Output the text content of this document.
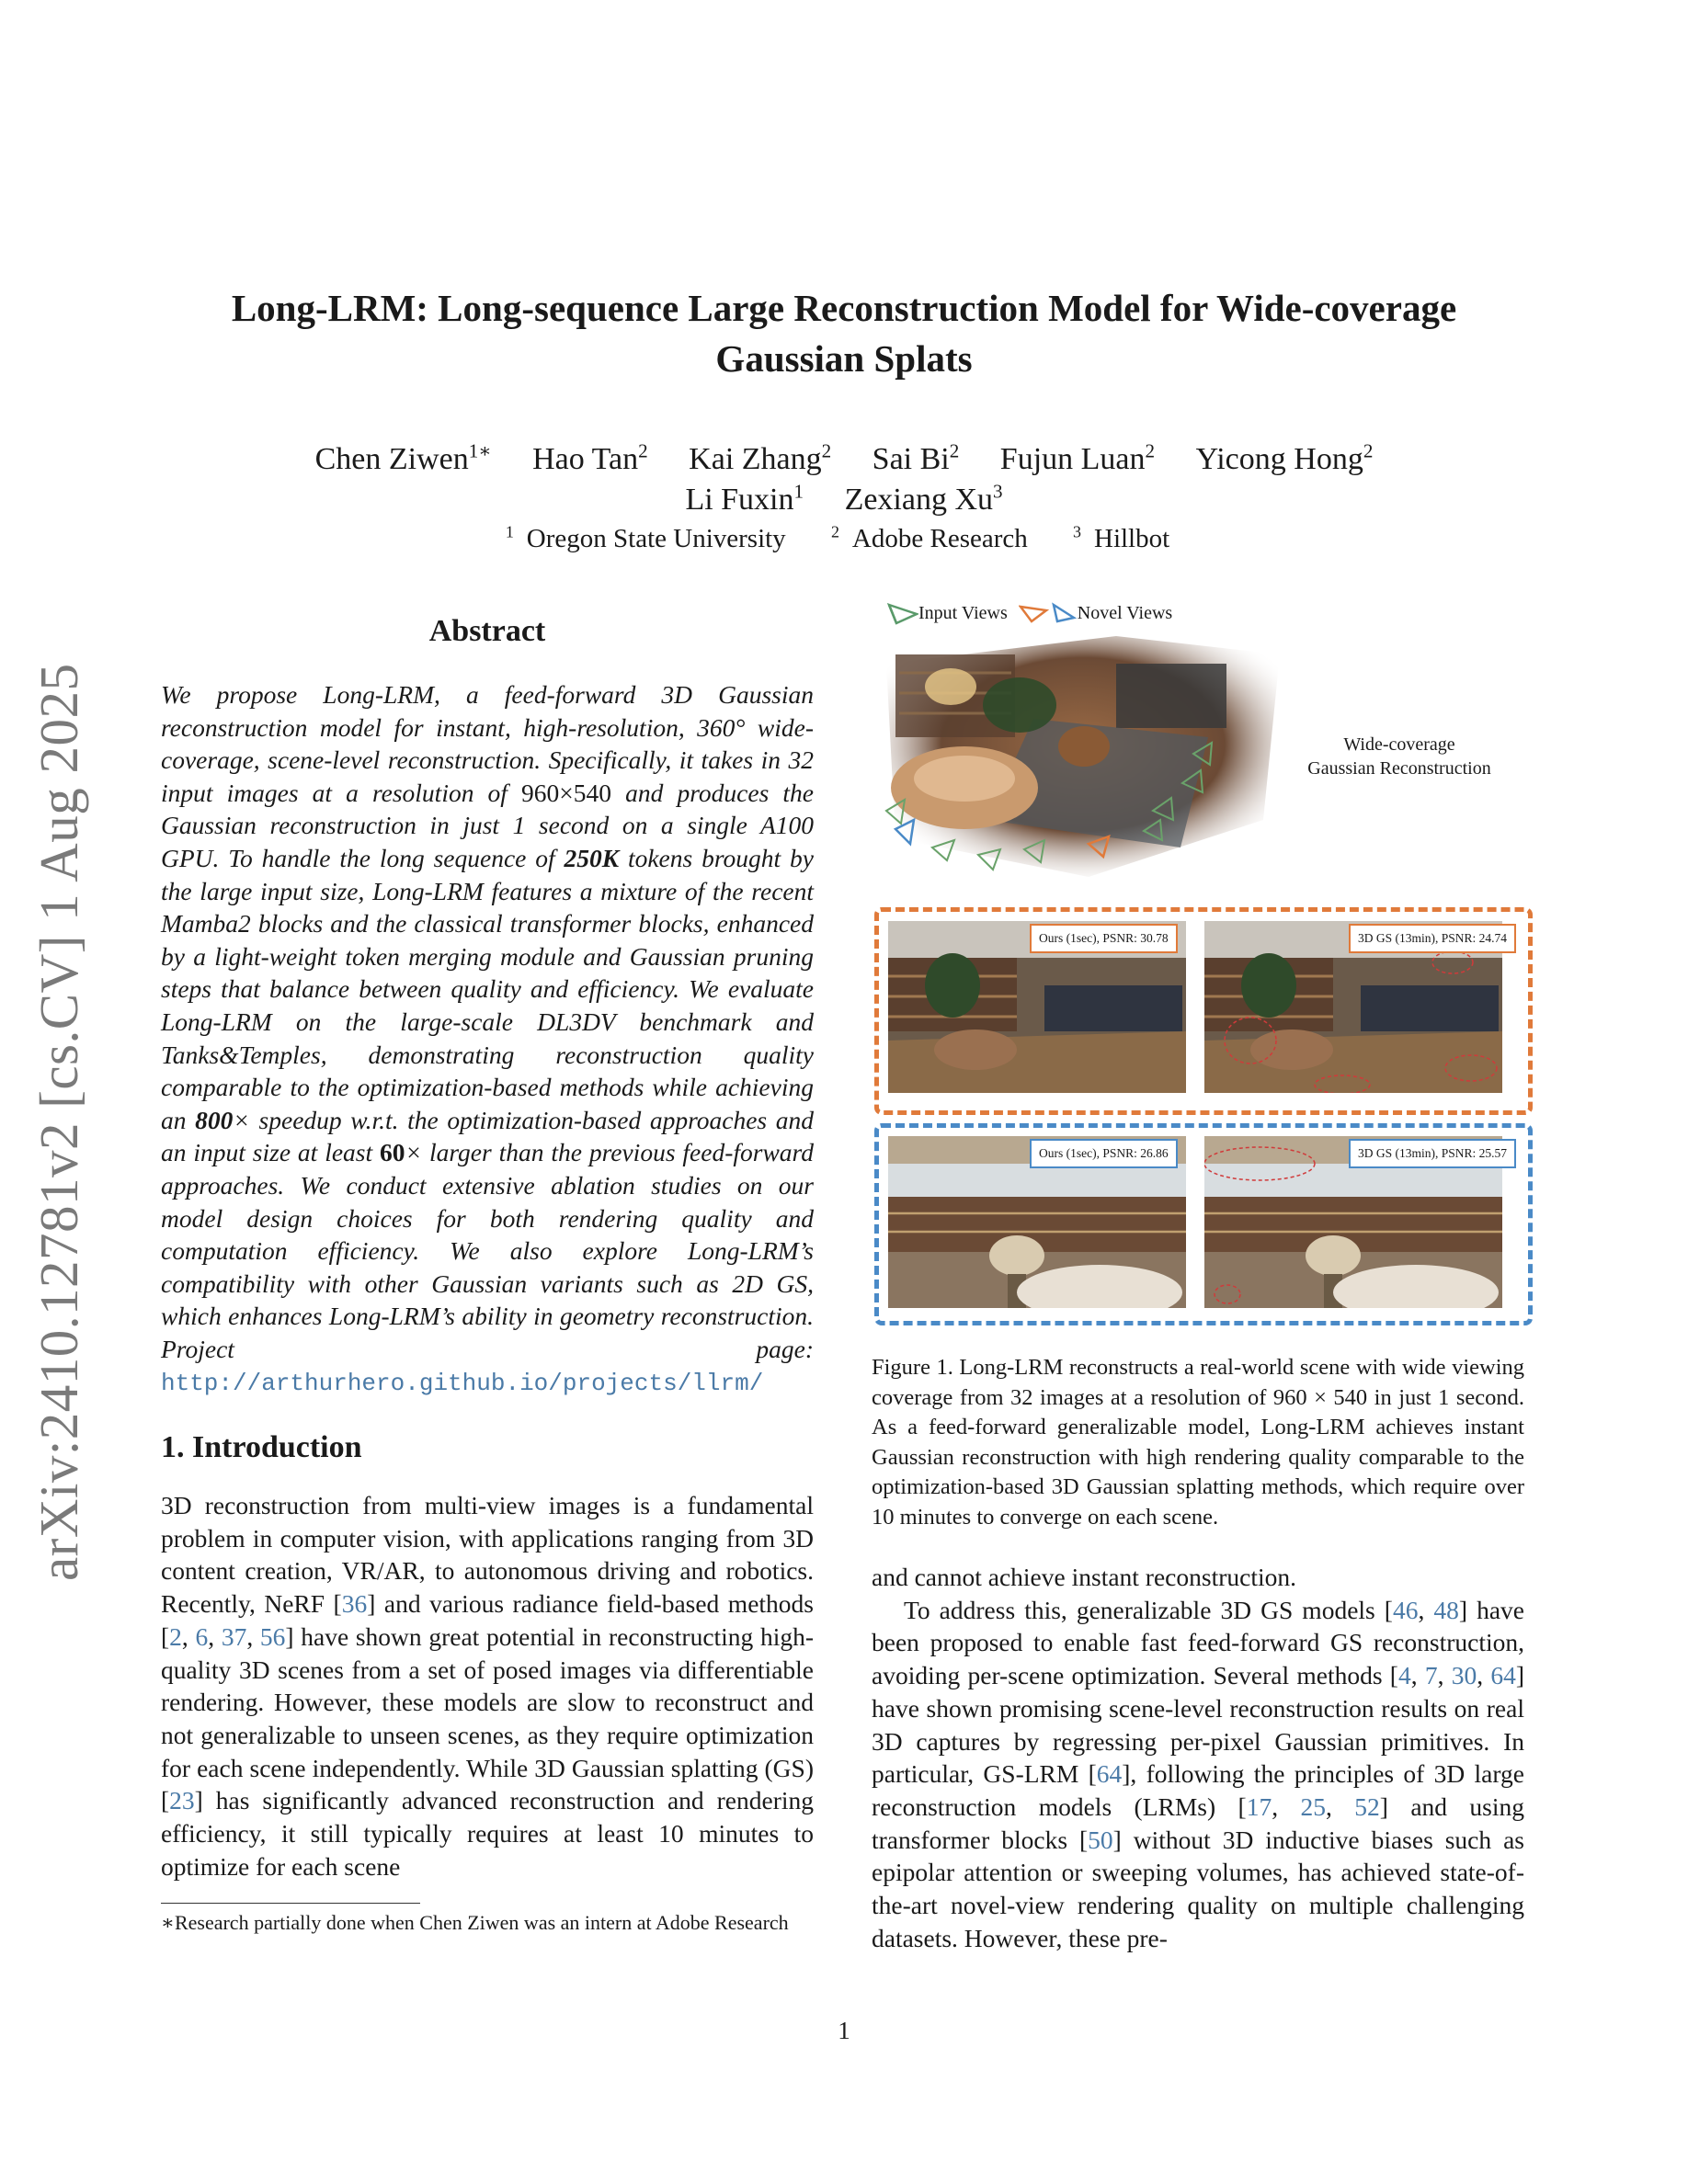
arXiv:2410.12781v2 [cs.CV] 1 Aug 2025
Long-LRM: Long-sequence Large Reconstruction Model for Wide-coverage
Gaussian Splats
Chen Ziwen$^{1∗}$ Hao Tan$^2$ Kai Zhang$^2$ Sai Bi$^2$ Fujun Luan$^2$ Yicong Hong$^2$
Li Fuxin$^1$ Zexiang Xu$^3$
$^1$ Oregon State University	$^2$ Adobe Research	$^3$ Hillbot
Abstract
We propose Long-LRM, a feed-forward 3D Gaussian reconstruction model for instant, high-resolution, 360° wide-coverage, scene-level reconstruction. Specifically, it takes in 32 input images at a resolution of 960×540 and produces the Gaussian reconstruction in just 1 second on a single A100 GPU. To handle the long sequence of 250K tokens brought by the large input size, Long-LRM features a mixture of the recent Mamba2 blocks and the classical transformer blocks, enhanced by a light-weight token merging module and Gaussian pruning steps that balance between quality and efficiency. We evaluate Long-LRM on the large-scale DL3DV benchmark and Tanks&Temples, demonstrating reconstruction quality comparable to the optimization-based methods while achieving an 800× speedup w.r.t. the optimization-based approaches and an input size at least 60× larger than the previous feed-forward approaches. We conduct extensive ablation studies on our model design choices for both rendering quality and computation efficiency. We also explore Long-LRM’s compatibility with other Gaussian variants such as 2D GS, which enhances Long-LRM’s ability in geometry reconstruction. Project page: http://arthurhero.github.io/projects/llrm/
1. Introduction
3D reconstruction from multi-view images is a fundamental problem in computer vision, with applications ranging from 3D content creation, VR/AR, to autonomous driving and robotics. Recently, NeRF [36] and various radiance field-based methods [2, 6, 37, 56] have shown great potential in reconstructing high-quality 3D scenes from a set of posed images via differentiable rendering. However, these models are slow to reconstruct and not generalizable to unseen scenes, as they require optimization for each scene independently. While 3D Gaussian splatting (GS) [23] has significantly advanced reconstruction and rendering efficiency, it still typically requires at least 10 minutes to optimize for each scene
∗Research partially done when Chen Ziwen was an intern at Adobe Research
Input Views	Novel Views
Wide-coverage
Gaussian Reconstruction
Ours (1sec), PSNR: 30.78	3D GS (13min), PSNR: 24.74
Ours (1sec), PSNR: 26.86	3D GS (13min), PSNR: 25.57
Figure 1. Long-LRM reconstructs a real-world scene with wide viewing coverage from 32 images at a resolution of 960 × 540 in just 1 second. As a feed-forward generalizable model, Long-LRM achieves instant Gaussian reconstruction with high rendering quality comparable to the optimization-based 3D Gaussian splatting methods, which require over 10 minutes to converge on each scene.
and cannot achieve instant reconstruction.
To address this, generalizable 3D GS models [46, 48] have been proposed to enable fast feed-forward GS reconstruction, avoiding per-scene optimization. Several methods [4, 7, 30, 64] have shown promising scene-level reconstruction results on real 3D captures by regressing per-pixel Gaussian primitives. In particular, GS-LRM [64], following the principles of 3D large reconstruction models (LRMs) [17, 25, 52] and using transformer blocks [50] without 3D inductive biases such as epipolar attention or sweeping volumes, has achieved state-of-the-art novel-view rendering quality on multiple challenging datasets. However, these pre-
1
